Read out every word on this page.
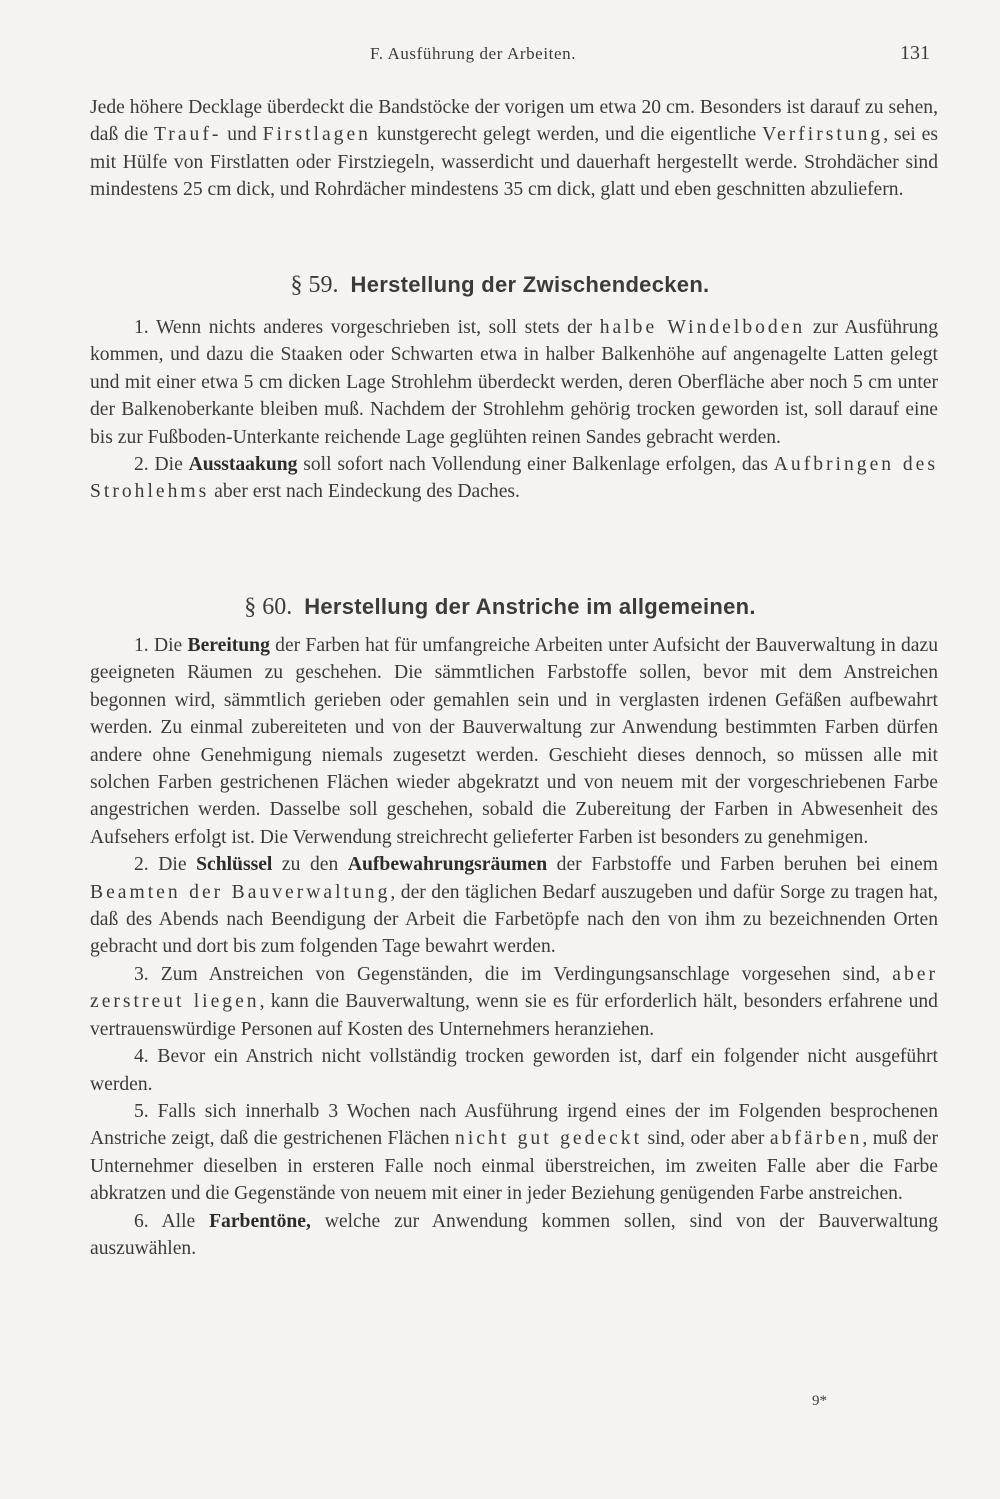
F. Ausführung der Arbeiten.	131

Jede höhere Decklage überdeckt die Bandstöcke der vorigen um etwa 20 cm. Besonders ist darauf zu sehen, daß die Trauf- und Firstlagen kunstgerecht gelegt werden, und die eigentliche Verfirstung, sei es mit Hülfe von Firstlatten oder Firstziegeln, wasserdicht und dauerhaft hergestellt werde. Strohdächer sind mindestens 25 cm dick, und Rohrdächer mindestens 35 cm dick, glatt und eben geschnitten abzuliefern.

§ 59. Herstellung der Zwischendecken.

1. Wenn nichts anderes vorgeschrieben ist, soll stets der halbe Windelboden zur Ausführung kommen, und dazu die Staaken oder Schwarten etwa in halber Balkenhöhe auf angenagelte Latten gelegt und mit einer etwa 5 cm dicken Lage Strohlehm überdeckt werden, deren Oberfläche aber noch 5 cm unter der Balkenoberkante bleiben muß. Nachdem der Strohlehm gehörig trocken geworden ist, soll darauf eine bis zur Fußboden-Unterkante reichende Lage geglühten reinen Sandes gebracht werden.

2. Die Ausstaakung soll sofort nach Vollendung einer Balkenlage erfolgen, das Aufbringen des Strohlehms aber erst nach Eindeckung des Daches.

§ 60. Herstellung der Anstriche im allgemeinen.

1. Die Bereitung der Farben hat für umfangreiche Arbeiten unter Aufsicht der Bauverwaltung in dazu geeigneten Räumen zu geschehen. Die sämmtlichen Farbstoffe sollen, bevor mit dem Anstreichen begonnen wird, sämmtlich gerieben oder gemahlen sein und in verglasten irdenen Gefäßen aufbewahrt werden. Zu einmal zubereiteten und von der Bauverwaltung zur Anwendung bestimmten Farben dürfen andere ohne Genehmigung niemals zugesetzt werden. Geschieht dieses dennoch, so müssen alle mit solchen Farben gestrichenen Flächen wieder abgekratzt und von neuem mit der vorgeschriebenen Farbe angestrichen werden. Dasselbe soll geschehen, sobald die Zubereitung der Farben in Abwesenheit des Aufsehers erfolgt ist. Die Verwendung streichrecht gelieferter Farben ist besonders zu genehmigen.

2. Die Schlüssel zu den Aufbewahrungsräumen der Farbstoffe und Farben beruhen bei einem Beamten der Bauverwaltung, der den täglichen Bedarf auszugeben und dafür Sorge zu tragen hat, daß des Abends nach Beendigung der Arbeit die Farbetöpfe nach den von ihm zu bezeichnenden Orten gebracht und dort bis zum folgenden Tage bewahrt werden.

3. Zum Anstreichen von Gegenständen, die im Verdingungsanschlage vorgesehen sind, aber zerstreut liegen, kann die Bauverwaltung, wenn sie es für erforderlich hält, besonders erfahrene und vertrauenswürdige Personen auf Kosten des Unternehmers heranziehen.

4. Bevor ein Anstrich nicht vollständig trocken geworden ist, darf ein folgender nicht ausgeführt werden.

5. Falls sich innerhalb 3 Wochen nach Ausführung irgend eines der im Folgenden besprochenen Anstriche zeigt, daß die gestrichenen Flächen nicht gut gedeckt sind, oder aber abfärben, muß der Unternehmer dieselben in ersteren Falle noch einmal überstreichen, im zweiten Falle aber die Farbe abkratzen und die Gegenstände von neuem mit einer in jeder Beziehung genügenden Farbe anstreichen.

6. Alle Farbentöne, welche zur Anwendung kommen sollen, sind von der Bauverwaltung auszuwählen.

9*
